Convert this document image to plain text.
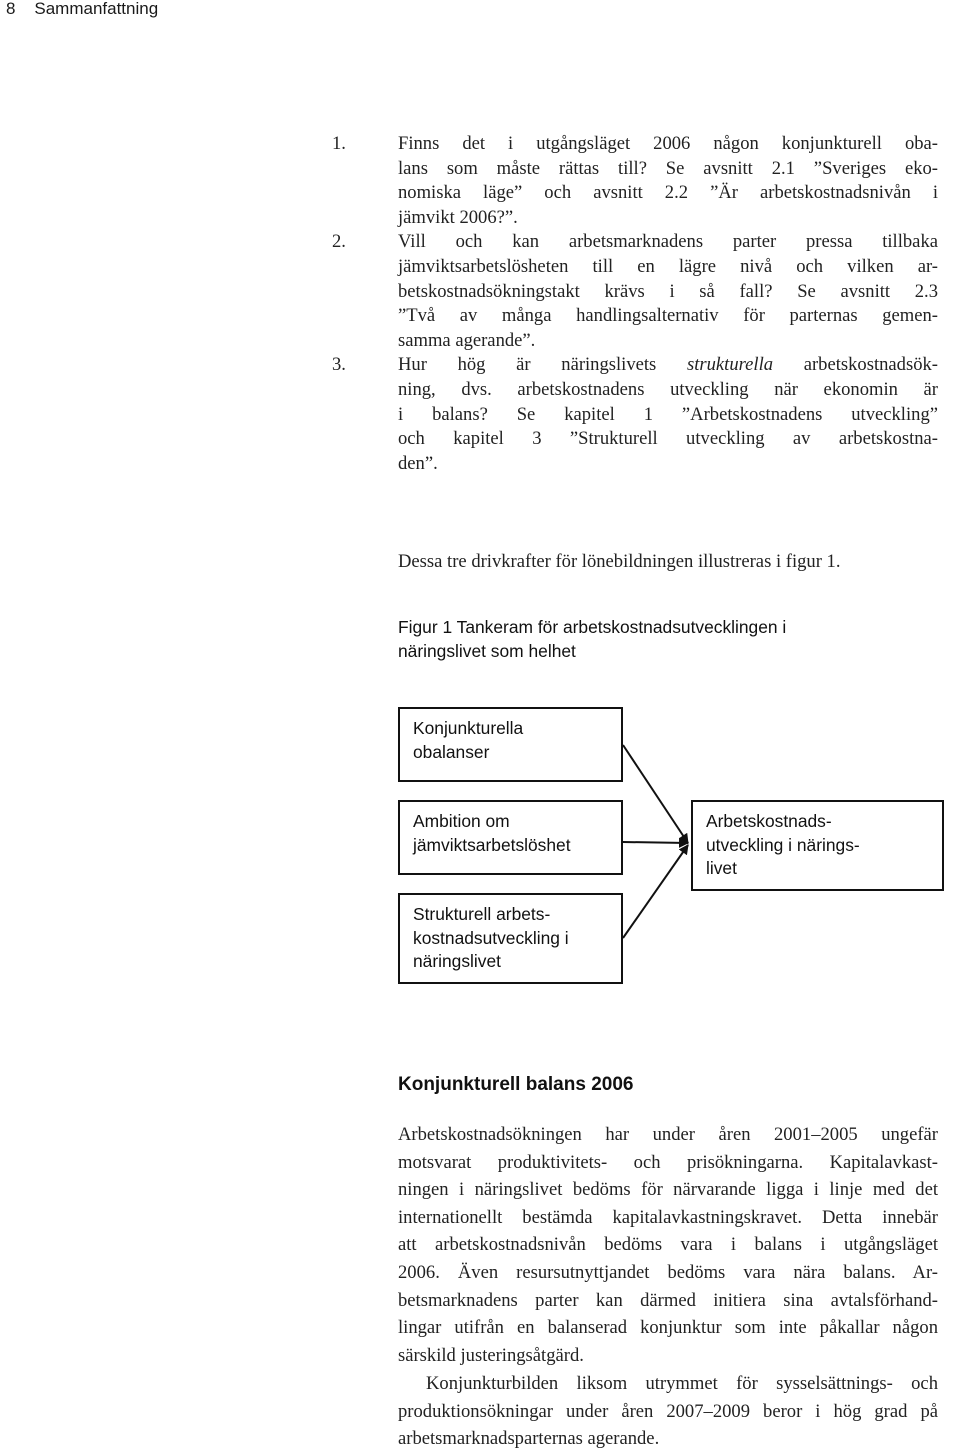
8 Sammanfattning
1.	Finns det i utgångsläget 2006 någon konjunkturell oba-
lans som måste rättas till? Se avsnitt 2.1 ”Sveriges eko-
nomiska läge” och avsnitt 2.2 ”Är arbetskostnadsnivån i
jämvikt 2006?”.
2.	Vill och kan arbetsmarknadens parter pressa tillbaka
jämviktsarbetslösheten till en lägre nivå och vilken ar-
betskostnadsökningstakt krävs i så fall? Se avsnitt 2.3
”Två av många handlingsalternativ för parternas gemen-
samma agerande”.
3.	Hur hög är näringslivets strukturella arbetskostnadsök-
ning, dvs. arbetskostnadens utveckling när ekonomin är
i balans? Se kapitel 1 ”Arbetskostnadens utveckling”
och kapitel 3 ”Strukturell utveckling av arbetskostna-
den”.
Dessa tre drivkrafter för lönebildningen illustreras i figur 1.
Figur 1 Tankeram för arbetskostnadsutvecklingen i
näringslivet som helhet
Konjunkturella
obalanser
Ambition om
jämviktsarbetslöshet
Strukturell arbets-
kostnadsutveckling i
näringslivet
Arbetskostnads-
utveckling i närings-
livet
Konjunkturell balans 2006
Arbetskostnadsökningen har under åren 2001–2005 ungefär
motsvarat produktivitets- och prisökningarna. Kapitalavkast-
ningen i näringslivet bedöms för närvarande ligga i linje med det
internationellt bestämda kapitalavkastningskravet. Detta innebär
att arbetskostnadsnivån bedöms vara i balans i utgångsläget
2006. Även resursutnyttjandet bedöms vara nära balans. Ar-
betsmarknadens parter kan därmed initiera sina avtalsförhand-
lingar utifrån en balanserad konjunktur som inte påkallar någon
särskild justeringsåtgärd.
Konjunkturbilden liksom utrymmet för sysselsättnings- och
produktionsökningar under åren 2007–2009 beror i hög grad på
arbetsmarknadsparternas agerande.
